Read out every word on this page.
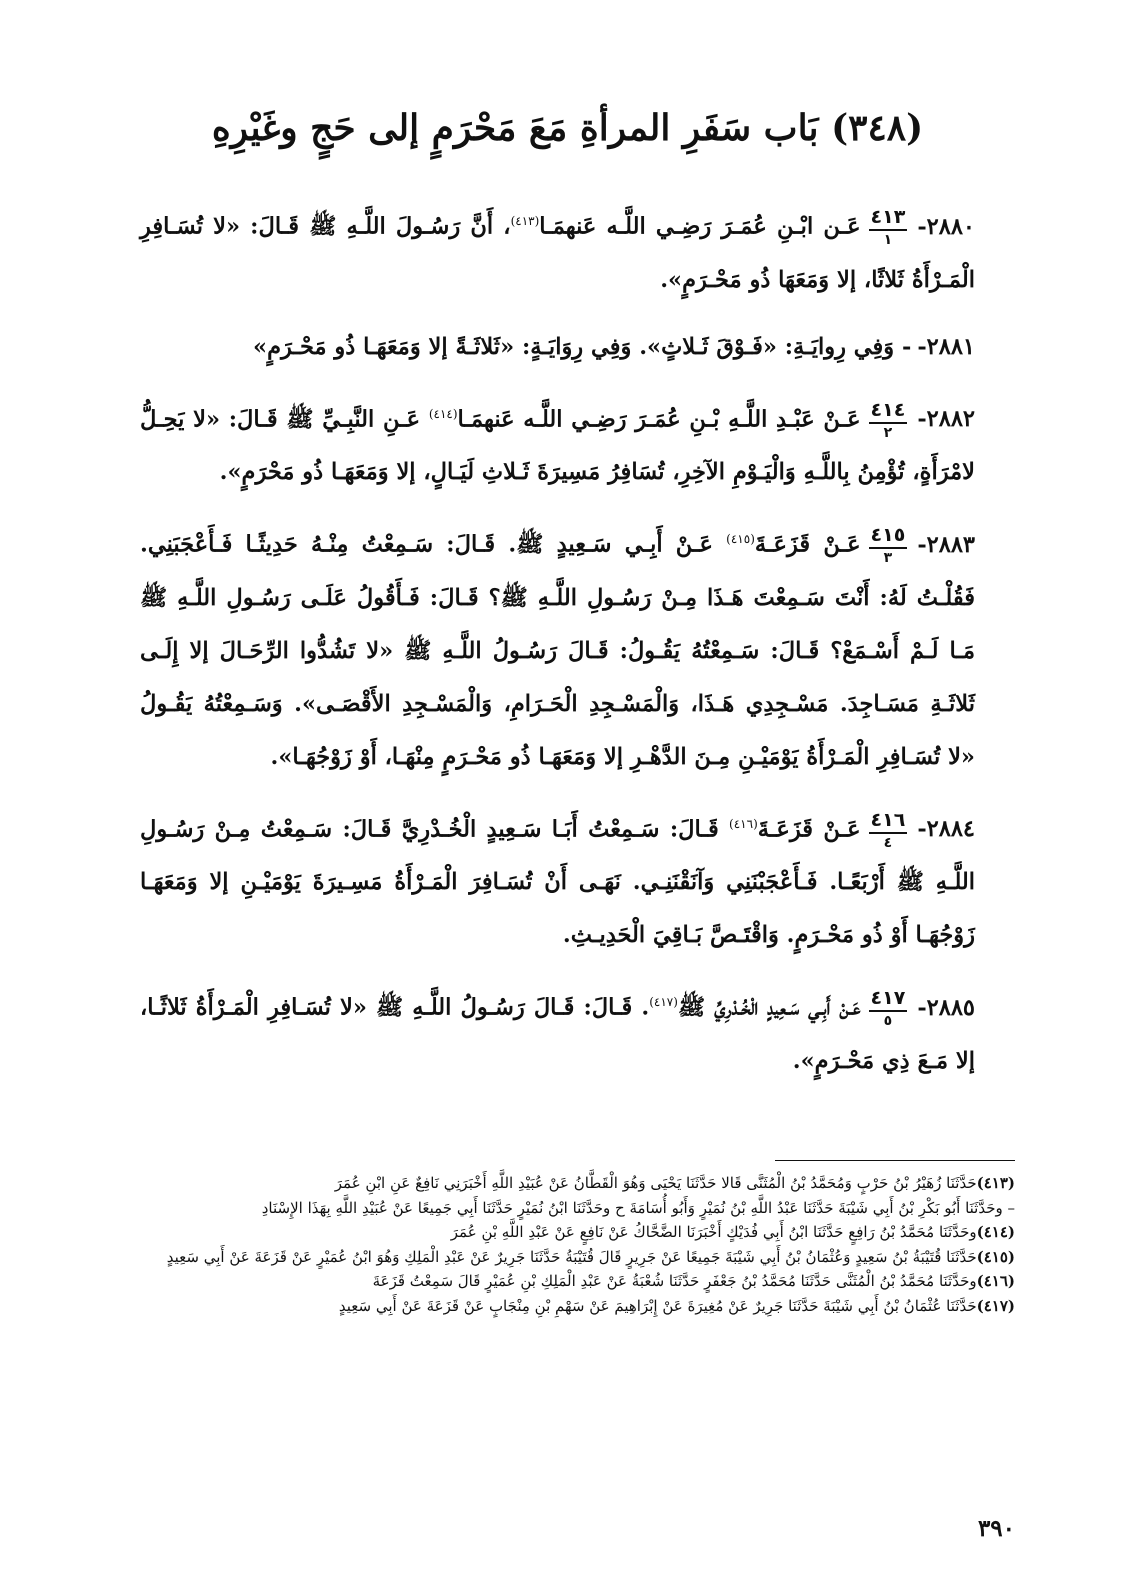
(٣٤٨) بَاب سَفَرِ المرأةِ مَعَ مَحْرَمٍ إلى حَجٍ وغَيْرِهِ

٢٨٨٠-
٤١٣
١
عَـن ابْـنِ عُمَـرَ رَضِـي اللَّـه عَنهمَـا$^{(٤١٣)}$، أَنَّ رَسُـولَ اللَّـهِ ﷺ قَـالَ: «لا تُسَـافِرِ الْمَـرْأَةُ ثَلاثًا، إلا وَمَعَهَا ذُو مَحْـرَمٍ».

٢٨٨١-- وَفِي رِوايَـةِ: «فَـوْقَ ثَـلاثٍ». وَفِي رِوَايَـةٍ: «ثَلاثَـةً إلا وَمَعَهَـا ذُو مَحْـرَمٍ»

٢٨٨٢-
٤١٤
٢
عَـنْ عَبْـدِ اللَّـهِ بْـنِ عُمَـرَ رَضِـي اللَّـه عَنهمَـا$^{(٤١٤)}$ عَـنِ النَّبِـيِّ ﷺ قَـالَ: «لا يَحِـلُّ لامْرَأَةٍ، تُؤْمِنُ بِاللَّـهِ وَالْيَـوْمِ الآخِرِ، تُسَافِرُ مَسِيرَةَ ثَـلاثِ لَيَـالٍ، إلا وَمَعَهَـا ذُو مَحْرَمٍ».

٢٨٨٣-
٤١٥
٣
عَـنْ قَزَعَـةَ$^{(٤١٥)}$ عَـنْ أَبِـي سَـعِيدٍ ﷺ. قَـالَ: سَـمِعْتُ مِنْـهُ حَدِيثًـا فَـأَعْجَبَنِي. فَقُلْـتُ لَهُ: أَنْتَ سَـمِعْتَ هَـذَا مِـنْ رَسُـولِ اللَّـهِ ﷺ؟ قَـالَ: فَـأَقُولُ عَلَـى رَسُـولِ اللَّـهِ ﷺ مَـا لَـمْ أَسْـمَعْ؟ قَـالَ: سَـمِعْتُهُ يَقُـولُ: قَـالَ رَسُـولُ اللَّـهِ ﷺ «لا تَشُدُّوا الرِّحَـالَ إلا إِلَـى ثَلاثَـةِ مَسَـاجِدَ. مَسْـجِدِي هَـذَا، وَالْمَسْـجِدِ الْحَـرَامِ، وَالْمَسْـجِدِ الأَقْصَـى». وَسَـمِعْتُهُ يَقُـولُ «لا تُسَـافِرِ الْمَـرْأَةُ يَوْمَيْـنِ مِـنَ الدَّهْـرِ إلا وَمَعَهَـا ذُو مَحْـرَمٍ مِنْهَـا، أَوْ زَوْجُهَـا».

٢٨٨٤-
٤١٦
٤
عَـنْ قَزَعَـةَ$^{(٤١٦)}$ قَـالَ: سَـمِعْتُ أَبَـا سَـعِيدٍ الْخُـدْرِيَّ قَـالَ: سَـمِعْتُ مِـنْ رَسُـولِ اللَّـهِ ﷺ أَرْبَعًـا. فَـأَعْجَبْنَنِي وَآنَقْنَنِـي. نَهَـى أَنْ تُسَـافِرَ الْمَـرْأَةُ مَسِـيرَةَ يَوْمَيْـنِ إلا وَمَعَهَـا زَوْجُهَـا أَوْ ذُو مَحْـرَمٍ. وَاقْتَـصَّ بَـاقِيَ الْحَدِيـثِ.

٢٨٨٥-
٤١٧
٥
عَـنْ أَبِـي سَـعِيدٍ الْخُـدْرِيِّ ﷺ$^{(٤١٧)}$. قَـالَ: قَـالَ رَسُـولُ اللَّـهِ ﷺ «لا تُسَـافِرِ الْمَـرْأَةُ ثَلاثًـا، إلا مَـعَ ذِي مَحْـرَمٍ».

(٤١٣)حَدَّثَنَا زُهَيْرُ بْنُ حَرْبٍ وَمُحَمَّدُ بْنُ الْمُثَنَّى قَالا حَدَّثَنَا يَحْيَى وَهُوَ الْقَطَّانُ عَنْ عُبَيْدِ اللَّهِ أَخْبَرَنِي نَافِعٌ عَنِ ابْنِ عُمَرَ

– وحَدَّثَنَا أَبُو بَكْرِ بْنُ أَبِي شَيْبَةَ حَدَّثَنَا عَبْدُ اللَّهِ بْنُ نُمَيْرٍ وَأَبُو أُسَامَةَ ح وحَدَّثَنَا ابْنُ نُمَيْرٍ حَدَّثَنَا أَبِي جَمِيعًا عَنْ عُبَيْدِ اللَّهِ بِهَذَا الإِسْنَادِ

(٤١٤)وحَدَّثَنَا مُحَمَّدُ بْنُ رَافِعٍ حَدَّثَنَا ابْنُ أَبِي فُدَيْكٍ أَخْبَرَنَا الضَّحَّاكُ عَنْ نَافِعٍ عَنْ عَبْدِ اللَّهِ بْنِ عُمَرَ

(٤١٥)حَدَّثَنَا قُتَيْبَةُ بْنُ سَعِيدٍ وَعُثْمَانُ بْنُ أَبِي شَيْبَةَ جَمِيعًا عَنْ جَرِيرٍ قَالَ قُتَيْبَةُ حَدَّثَنَا جَرِيرٌ عَنْ عَبْدِ الْمَلِكِ وَهُوَ ابْنُ عُمَيْرٍ عَنْ قَزَعَةَ عَنْ أَبِي سَعِيدٍ

(٤١٦)وحَدَّثَنَا مُحَمَّدُ بْنُ الْمُثَنَّى حَدَّثَنَا مُحَمَّدُ بْنُ جَعْفَرٍ حَدَّثَنَا شُعْبَةُ عَنْ عَبْدِ الْمَلِكِ بْنِ عُمَيْرٍ قَالَ سَمِعْتُ قَزَعَةَ

(٤١٧)حَدَّثَنَا عُثْمَانُ بْنُ أَبِي شَيْبَةَ حَدَّثَنَا جَرِيرٌ عَنْ مُغِيرَةَ عَنْ إِبْرَاهِيمَ عَنْ سَهْمِ بْنِ مِنْجَابٍ عَنْ قَزَعَةَ عَنْ أَبِي سَعِيدٍ

٣٩٠
